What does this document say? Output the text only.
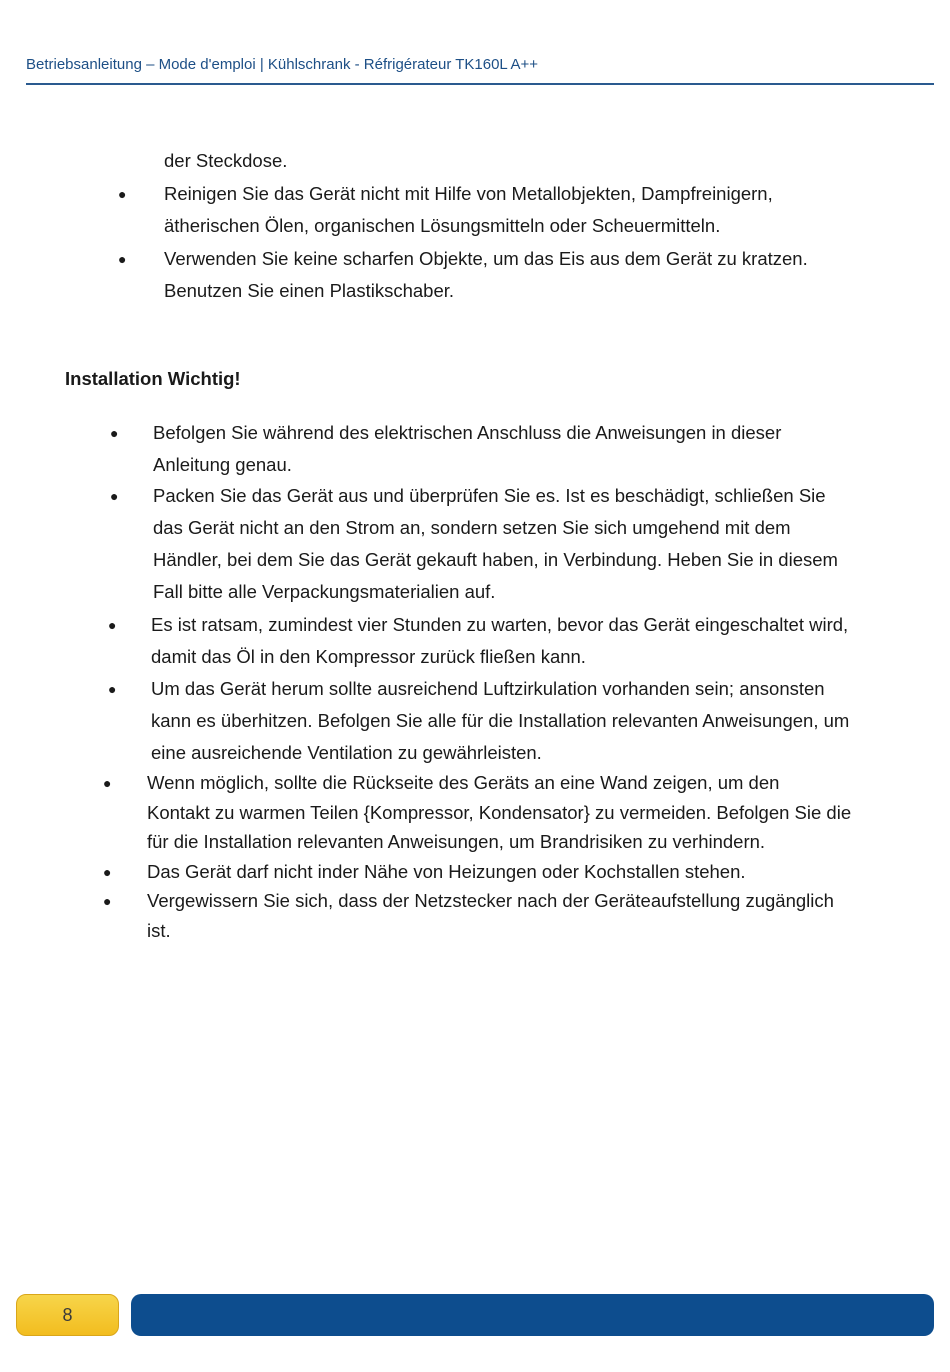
Betriebsanleitung – Mode d'emploi | Kühlschrank - Réfrigérateur TK160L A++
der Steckdose.
● Reinigen Sie das Gerät nicht mit Hilfe von Metallobjekten, Dampfreinigern,
ätherischen Ölen, organischen Lösungsmitteln oder Scheuermitteln.
● Verwenden Sie keine scharfen Objekte, um das Eis aus dem Gerät zu kratzen.
Benutzen Sie einen Plastikschaber.
Installation Wichtig!
● Befolgen Sie während des elektrischen Anschluss die Anweisungen in dieser
Anleitung genau.
● Packen Sie das Gerät aus und überprüfen Sie es. Ist es beschädigt, schließen Sie
das Gerät nicht an den Strom an, sondern setzen Sie sich umgehend mit dem
Händler, bei dem Sie das Gerät gekauft haben, in Verbindung. Heben Sie in diesem
Fall bitte alle Verpackungsmaterialien auf.
● Es ist ratsam, zumindest vier Stunden zu warten, bevor das Gerät eingeschaltet wird,
damit das Öl in den Kompressor zurück fließen kann.
● Um das Gerät herum sollte ausreichend Luftzirkulation vorhanden sein; ansonsten
kann es überhitzen. Befolgen Sie alle für die Installation relevanten Anweisungen, um
eine ausreichende Ventilation zu gewährleisten.
● Wenn möglich, sollte die Rückseite des Geräts an eine Wand zeigen, um den
Kontakt zu warmen Teilen {Kompressor, Kondensator} zu vermeiden. Befolgen Sie die
für die Installation relevanten Anweisungen, um Brandrisiken zu verhindern.
● Das Gerät darf nicht inder Nähe von Heizungen oder Kochstallen stehen.
● Vergewissern Sie sich, dass der Netzstecker nach der Geräteaufstellung zugänglich
ist.
8
